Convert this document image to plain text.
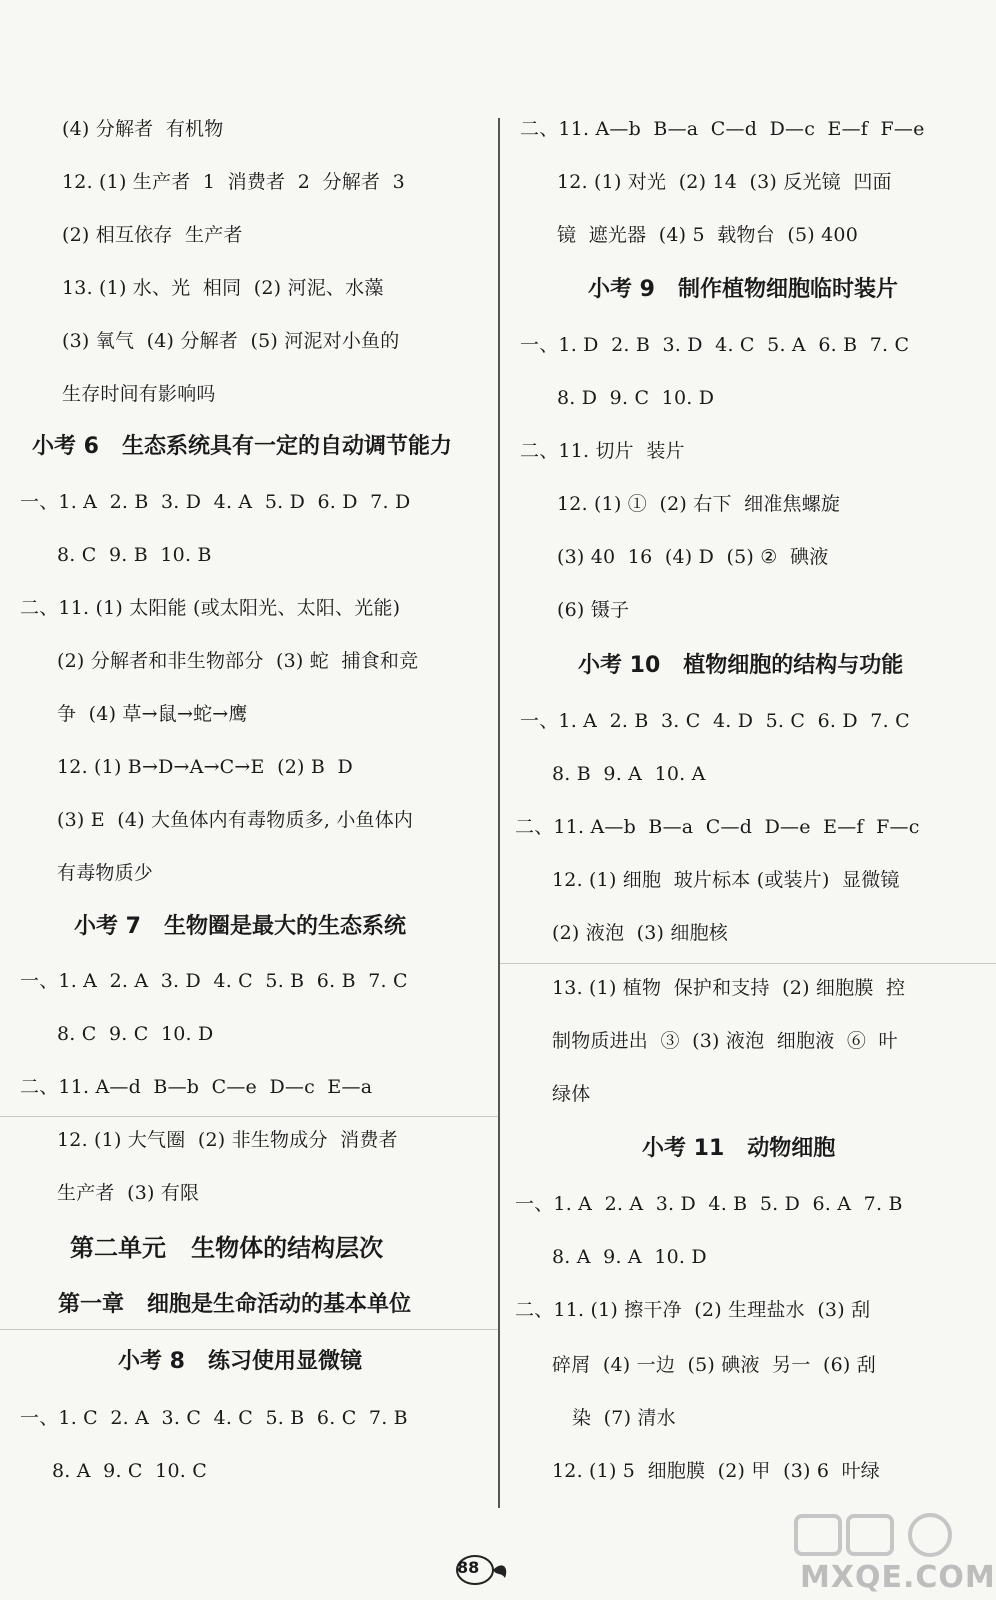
(4) 分解者  有机物
12. (1) 生产者  1  消费者  2  分解者  3
(2) 相互依存  生产者
13. (1) 水、光  相同  (2) 河泥、水藻
(3) 氧气  (4) 分解者  (5) 河泥对小鱼的
生存时间有影响吗
一、1. A  2. B  3. D  4. A  5. D  6. D  7. D
8. C  9. B  10. B
二、11. (1) 太阳能 (或太阳光、太阳、光能)
(2) 分解者和非生物部分  (3) 蛇  捕食和竞
争  (4) 草→鼠→蛇→鹰
12. (1) B→D→A→C→E  (2) B  D
(3) E  (4) 大鱼体内有毒物质多, 小鱼体内
有毒物质少
一、1. A  2. A  3. D  4. C  5. B  6. B  7. C
8. C  9. C  10. D
二、11. A—d  B—b  C—e  D—c  E—a
12. (1) 大气圈  (2) 非生物成分  消费者
生产者  (3) 有限
一、1. C  2. A  3. C  4. C  5. B  6. C  7. B
8. A  9. C  10. C
小考 6   生态系统具有一定的自动调节能力
小考 7   生物圈是最大的生态系统
第二单元   生物体的结构层次
第一章   细胞是生命活动的基本单位
小考 8   练习使用显微镜
二、11. A—b  B—a  C—d  D—c  E—f  F—e
12. (1) 对光  (2) 14  (3) 反光镜  凹面
镜  遮光器  (4) 5  载物台  (5) 400
一、1. D  2. B  3. D  4. C  5. A  6. B  7. C
8. D  9. C  10. D
二、11. 切片  装片
12. (1) ①  (2) 右下  细准焦螺旋
(3) 40  16  (4) D  (5) ②  碘液
(6) 镊子
一、1. A  2. B  3. C  4. D  5. C  6. D  7. C
8. B  9. A  10. A
二、11. A—b  B—a  C—d  D—e  E—f  F—c
12. (1) 细胞  玻片标本 (或装片)  显微镜
(2) 液泡  (3) 细胞核
13. (1) 植物  保护和支持  (2) 细胞膜  控
制物质进出  ③  (3) 液泡  细胞液  ⑥  叶
绿体
一、1. A  2. A  3. D  4. B  5. D  6. A  7. B
8. A  9. A  10. D
二、11. (1) 擦干净  (2) 生理盐水  (3) 刮
碎屑  (4) 一边  (5) 碘液  另一  (6) 刮
染  (7) 清水
12. (1) 5  细胞膜  (2) 甲  (3) 6  叶绿
小考 9   制作植物细胞临时装片
小考 10   植物细胞的结构与功能
小考 11   动物细胞
88	MXQE.COM
